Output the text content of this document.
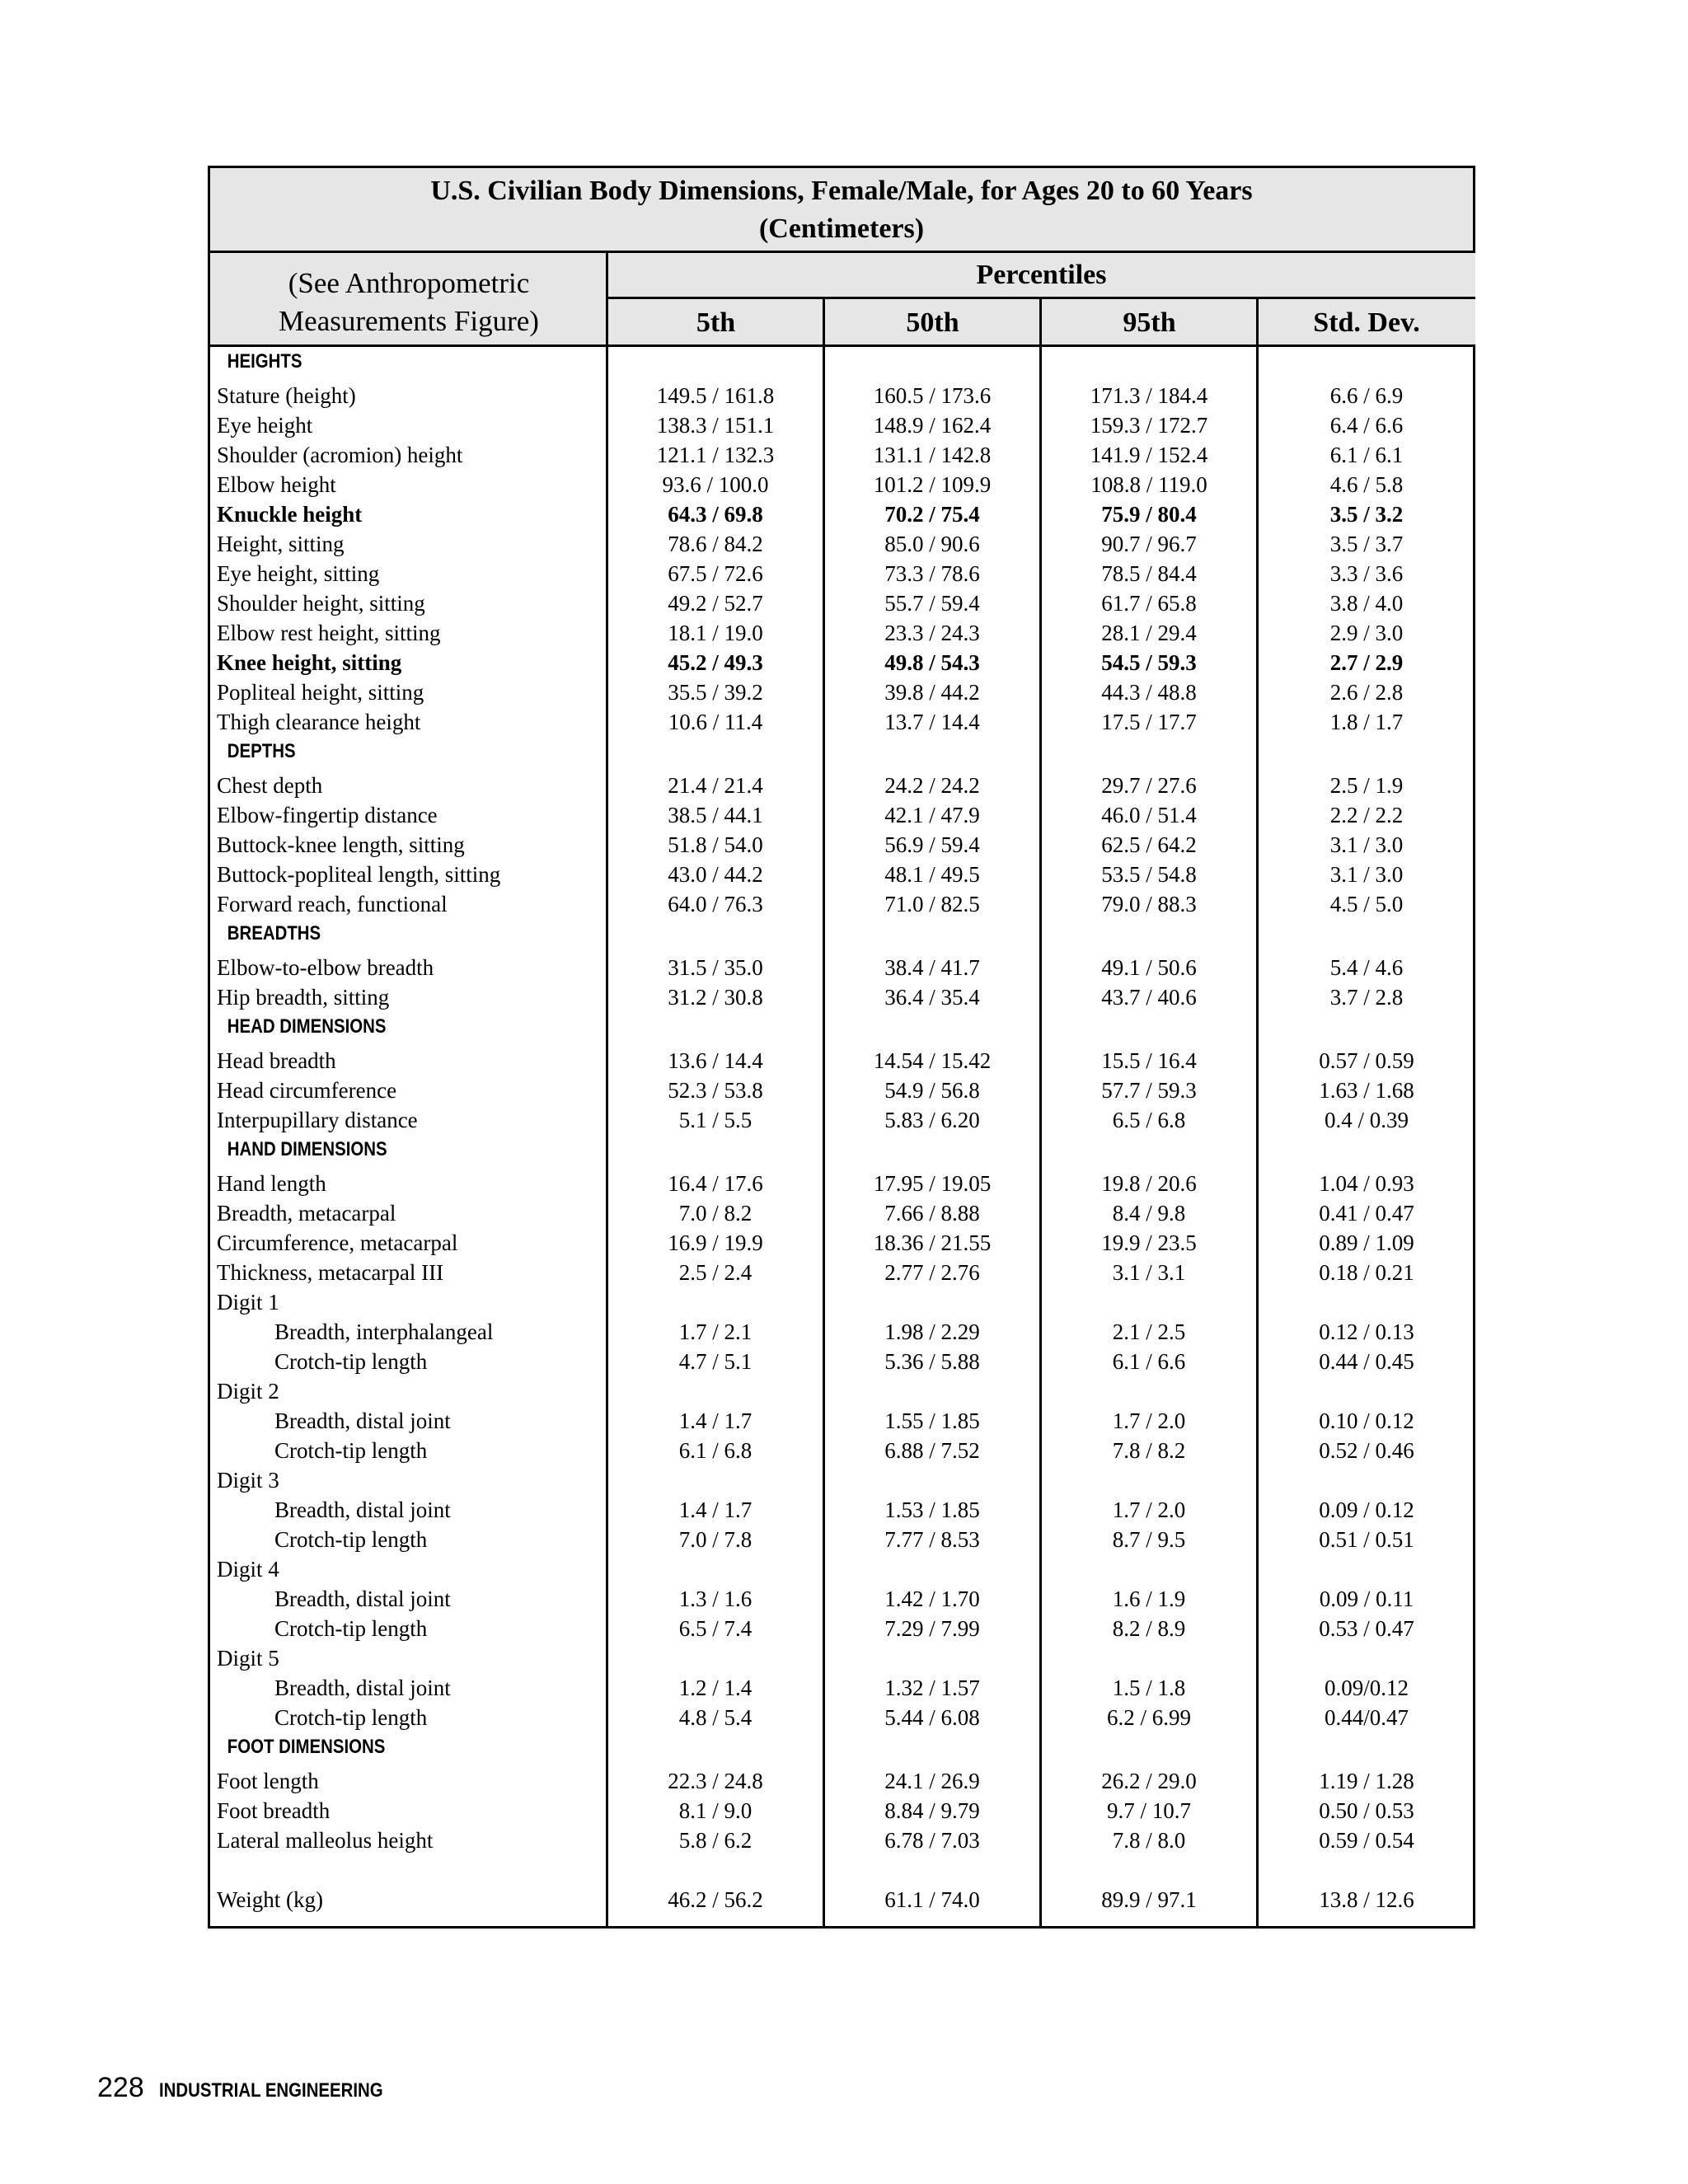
U.S. Civilian Body Dimensions, Female/Male, for Ages 20 to 60 Years
(Centimeters)
(See Anthropometric
Measurements Figure)
Percentiles
5th	50th	95th	Std. Dev.
HEIGHTS
Stature (height)	149.5 / 161.8	160.5 / 173.6	171.3 / 184.4	6.6 / 6.9
Eye height	138.3 / 151.1	148.9 / 162.4	159.3 / 172.7	6.4 / 6.6
Shoulder (acromion) height	121.1 / 132.3	131.1 / 142.8	141.9 / 152.4	6.1 / 6.1
Elbow height	93.6 / 100.0	101.2 / 109.9	108.8 / 119.0	4.6 / 5.8
Knuckle height	64.3 / 69.8	70.2 / 75.4	75.9 / 80.4	3.5 / 3.2
Height, sitting	78.6 / 84.2	85.0 / 90.6	90.7 / 96.7	3.5 / 3.7
Eye height, sitting	67.5 / 72.6	73.3 / 78.6	78.5 / 84.4	3.3 / 3.6
Shoulder height, sitting	49.2 / 52.7	55.7 / 59.4	61.7 / 65.8	3.8 / 4.0
Elbow rest height, sitting	18.1 / 19.0	23.3 / 24.3	28.1 / 29.4	2.9 / 3.0
Knee height, sitting	45.2 / 49.3	49.8 / 54.3	54.5 / 59.3	2.7 / 2.9
Popliteal height, sitting	35.5 / 39.2	39.8 / 44.2	44.3 / 48.8	2.6 / 2.8
Thigh clearance height	10.6 / 11.4	13.7 / 14.4	17.5 / 17.7	1.8 / 1.7
DEPTHS
Chest depth	21.4 / 21.4	24.2 / 24.2	29.7 / 27.6	2.5 / 1.9
Elbow-fingertip distance	38.5 / 44.1	42.1 / 47.9	46.0 / 51.4	2.2 / 2.2
Buttock-knee length, sitting	51.8 / 54.0	56.9 / 59.4	62.5 / 64.2	3.1 / 3.0
Buttock-popliteal length, sitting	43.0 / 44.2	48.1 / 49.5	53.5 / 54.8	3.1 / 3.0
Forward reach, functional	64.0 / 76.3	71.0 / 82.5	79.0 / 88.3	4.5 / 5.0
BREADTHS
Elbow-to-elbow breadth	31.5 / 35.0	38.4 / 41.7	49.1 / 50.6	5.4 / 4.6
Hip breadth, sitting	31.2 / 30.8	36.4 / 35.4	43.7 / 40.6	3.7 / 2.8
HEAD DIMENSIONS
Head breadth	13.6 / 14.4	14.54 / 15.42	15.5 / 16.4	0.57 / 0.59
Head circumference	52.3 / 53.8	54.9 / 56.8	57.7 / 59.3	1.63 / 1.68
Interpupillary distance	5.1 / 5.5	5.83 / 6.20	6.5 / 6.8	0.4 / 0.39
HAND DIMENSIONS
Hand length	16.4 / 17.6	17.95 / 19.05	19.8 / 20.6	1.04 / 0.93
Breadth, metacarpal	7.0 / 8.2	7.66 / 8.88	8.4 / 9.8	0.41 / 0.47
Circumference, metacarpal	16.9 / 19.9	18.36 / 21.55	19.9 / 23.5	0.89 / 1.09
Thickness, metacarpal III	2.5 / 2.4	2.77 / 2.76	3.1 / 3.1	0.18 / 0.21
Digit 1
Breadth, interphalangeal	1.7 / 2.1	1.98 / 2.29	2.1 / 2.5	0.12 / 0.13
Crotch-tip length	4.7 / 5.1	5.36 / 5.88	6.1 / 6.6	0.44 / 0.45
Digit 2
Breadth, distal joint	1.4 / 1.7	1.55 / 1.85	1.7 / 2.0	0.10 / 0.12
Crotch-tip length	6.1 / 6.8	6.88 / 7.52	7.8 / 8.2	0.52 / 0.46
Digit 3
Breadth, distal joint	1.4 / 1.7	1.53 / 1.85	1.7 / 2.0	0.09 / 0.12
Crotch-tip length	7.0 / 7.8	7.77 / 8.53	8.7 / 9.5	0.51 / 0.51
Digit 4
Breadth, distal joint	1.3 / 1.6	1.42 / 1.70	1.6 / 1.9	0.09 / 0.11
Crotch-tip length	6.5 / 7.4	7.29 / 7.99	8.2 / 8.9	0.53 / 0.47
Digit 5
Breadth, distal joint	1.2 / 1.4	1.32 / 1.57	1.5 / 1.8	0.09/0.12
Crotch-tip length	4.8 / 5.4	5.44 / 6.08	6.2 / 6.99	0.44/0.47
FOOT DIMENSIONS
Foot length	22.3 / 24.8	24.1 / 26.9	26.2 / 29.0	1.19 / 1.28
Foot breadth	8.1 / 9.0	8.84 / 9.79	9.7 / 10.7	0.50 / 0.53
Lateral malleolus height	5.8 / 6.2	6.78 / 7.03	7.8 / 8.0	0.59 / 0.54
Weight (kg)	46.2 / 56.2	61.1 / 74.0	89.9 / 97.1	13.8 / 12.6
228 INDUSTRIAL ENGINEERING
